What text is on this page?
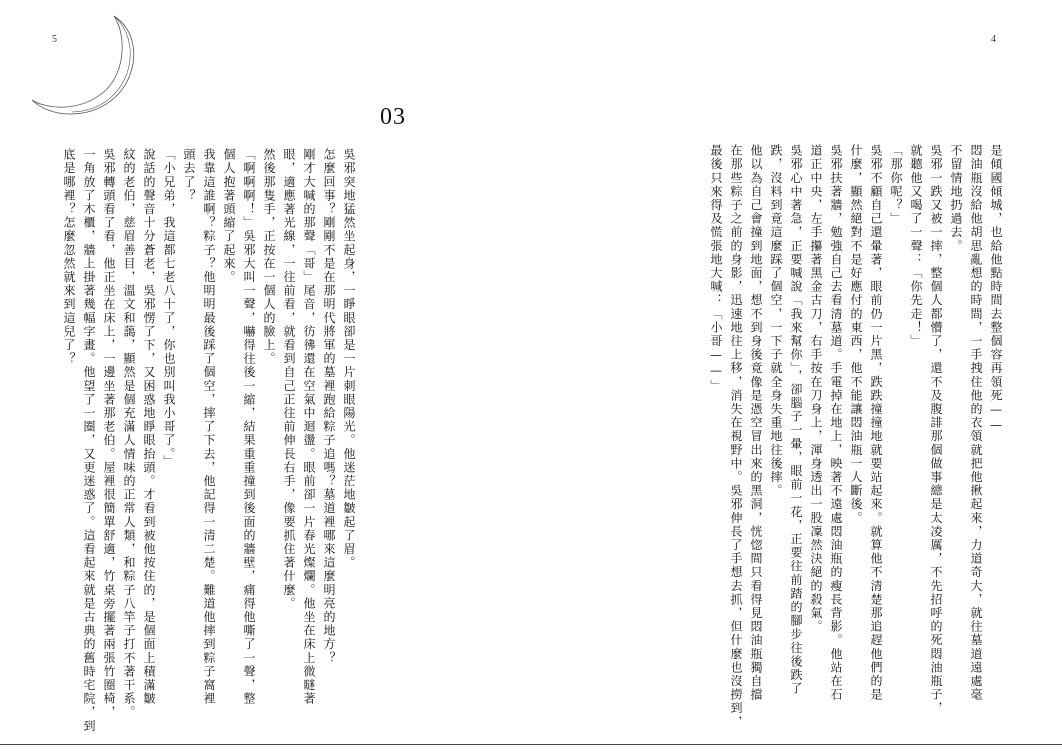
5
03
吳邪突地猛然坐起身，一睜眼卻是一片刺眼陽光。他迷茫地皺起了眉。
怎麼回事？剛剛不是在那明代將軍的墓裡跑給粽子追嗎？墓道裡哪來這麼明亮的地方？
剛才大喊的那聲「哥」尾音，彷彿還在空氣中迴盪。眼前卻一片春光燦爛。他坐在床上微瞇著
眼，適應著光線，一往前看，就看到自己正往前伸長右手，像要抓住著什麼。
然後那隻手，正按在一個人的臉上。
「啊啊啊！」吳邪大叫一聲，嚇得往後一縮，結果重重撞到後面的牆壁，痛得他嘶了一聲，整
個人抱著頭縮了起來。
我靠這誰啊？粽子？他明明最後踩了個空，摔了下去，他記得一清二楚。難道他摔到粽子窩裡
頭去了？
「小兄弟，我這都七老八十了，你也別叫我小哥了。」
說話的聲音十分蒼老，吳邪愣了下，又困惑地睜眼抬頭。才看到被他按住的，是個面上積滿皺
紋的老伯，慈眉善目，溫文和藹，顯然是個充滿人情味的正常人類，和粽子八竿子打不著干系。
吳邪轉頭看了看，他正坐在床上，一邊坐著那老伯。屋裡很簡單舒適，竹桌旁擺著兩張竹圈椅，
一角放了木櫃，牆上掛著幾幅字畫。他望了一圈，又更迷惑了。這看起來就是古典的舊時宅院，到
底是哪裡？怎麼忽然就來到這兒了？
4
是傾國傾城，也給他點時間去整個容再領死——
悶油瓶沒給他胡思亂想的時間，一手拽住他的衣領就把他揪起來，力道奇大，就往墓道遠處毫
不留情地扔過去。
吳邪一跌又被一摔，整個人都懵了，還不及腹誹那個做事總是太凌厲，不先招呼的死悶油瓶子，
就聽他又喝了一聲：「你先走！」
「那你呢？」
吳邪不顧自己還暈著，眼前仍一片黑，跌跌撞撞地就要站起來。就算他不清楚那追趕他們的是
什麼，顯然絕對不是好應付的東西，他不能讓悶油瓶一人斷後。
吳邪扶著牆，勉強自己去看清墓道。手電掉在地上，映著不遠處悶油瓶的瘦長背影。他站在石
道正中央，左手攥著黑金古刀，右手按在刀身上，渾身透出一股凜然決絕的殺氣。
吳邪心中著急，正要喊說「我來幫你」，卻腦子一暈，眼前一花，正要往前踏的腳步往後跌了
跌，沒料到竟這麼踩了個空，一下子就全身失重地往後摔。
他以為自己會撞到地面，想不到身後竟像是憑空冒出來的黑洞，恍惚間只看得見悶油瓶獨自擋
在那些粽子之前的身影，迅速地往上移，消失在視野中。吳邪伸長了手想去抓，但什麼也沒撈到，
最後只來得及慌張地大喊：「小哥——」
